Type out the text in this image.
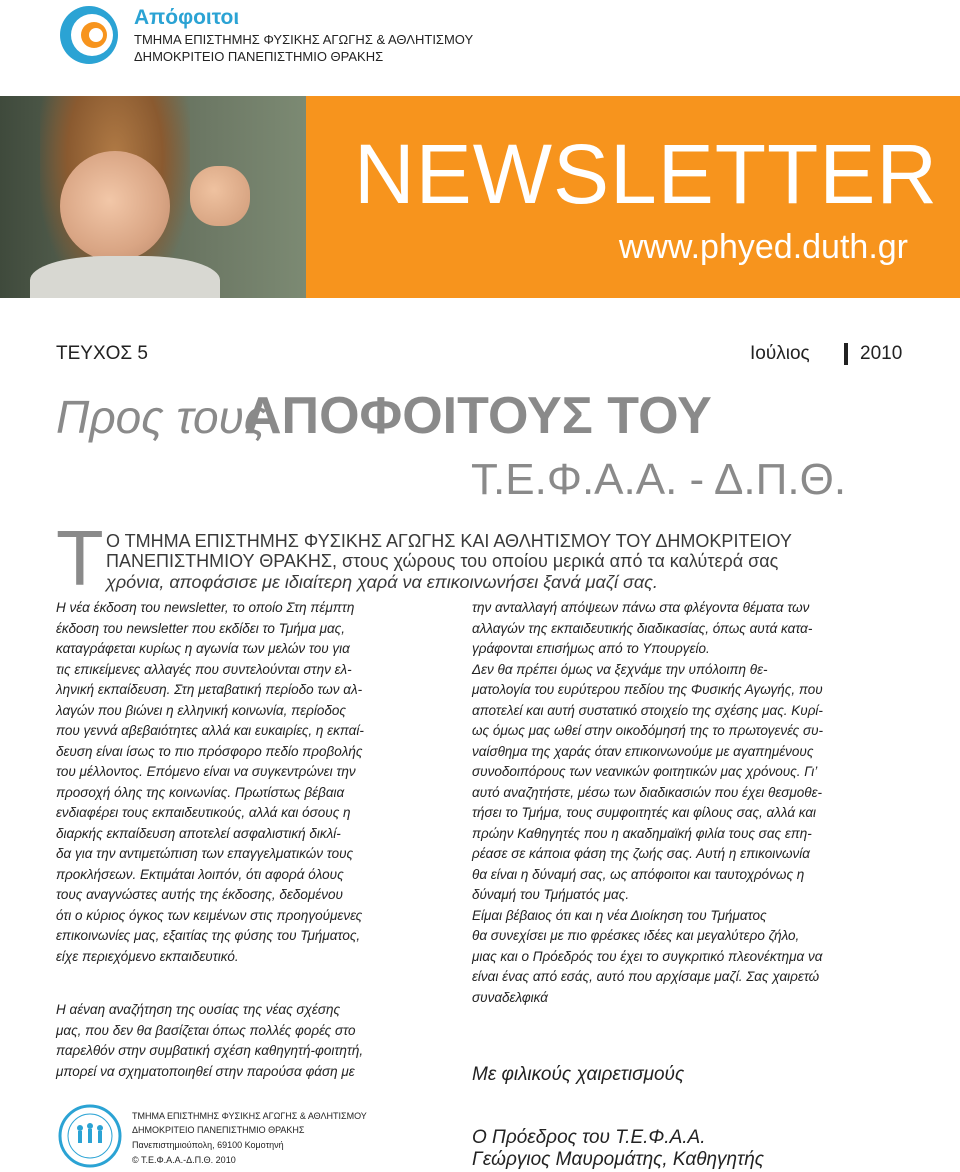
Απόφοιτοι
ΤΜΗΜΑ ΕΠΙΣΤΗΜΗΣ ΦΥΣΙΚΗΣ ΑΓΩΓΗΣ & ΑΘΛΗΤΙΣΜΟΥ
ΔΗΜΟΚΡΙΤΕΙΟ ΠΑΝΕΠΙΣΤΗΜΙΟ ΘΡΑΚΗΣ
NEWSLETTER
www.phyed.duth.gr
ΤΕΥΧΟΣ 5	Ιούλιος	2010
Προς τους
ΑΠΟΦΟΙΤΟΥΣ ΤΟΥ
Τ.Ε.Φ.Α.Α. - Δ.Π.Θ.
Τ Ο ΤΜΗΜΑ ΕΠΙΣΤΗΜΗΣ ΦΥΣΙΚΗΣ ΑΓΩΓΗΣ ΚΑΙ ΑΘΛΗΤΙΣΜΟΥ ΤΟΥ ΔΗΜΟΚΡΙΤΕΙΟΥ
ΠΑΝΕΠΙΣΤΗΜΙΟΥ ΘΡΑΚΗΣ, στους χώρους του οποίου μερικά από τα καλύτερά σας
χρόνια, αποφάσισε με ιδιαίτερη χαρά να επικοινωνήσει ξανά μαζί σας.
Η νέα έκδοση του newsletter, το οποίο Στη πέμπτη
έκδοση του newsletter που εκδίδει το Τμήμα μας,
καταγράφεται κυρίως η αγωνία των μελών του για
τις επικείμενες αλλαγές που συντελούνται στην ελ-
ληνική εκπαίδευση. Στη μεταβατική περίοδο των αλ-
λαγών που βιώνει η ελληνική κοινωνία, περίοδος
που γεννά αβεβαιότητες αλλά και ευκαιρίες, η εκπαί-
δευση είναι ίσως το πιο πρόσφορο πεδίο προβολής
του μέλλοντος. Επόμενο είναι να συγκεντρώνει την
προσοχή όλης της κοινωνίας. Πρωτίστως βέβαια
ενδιαφέρει τους εκπαιδευτικούς, αλλά και όσους η
διαρκής εκπαίδευση αποτελεί ασφαλιστική δικλί-
δα για την αντιμετώπιση των επαγγελματικών τους
προκλήσεων. Εκτιμάται λοιπόν, ότι αφορά όλους
τους αναγνώστες αυτής της έκδοσης, δεδομένου
ότι ο κύριος όγκος των κειμένων στις προηγούμενες
επικοινωνίες μας, εξαιτίας της φύσης του Τμήματος,
είχε περιεχόμενο εκπαιδευτικό.
Η αέναη αναζήτηση της ουσίας της νέας σχέσης
μας, που δεν θα βασίζεται όπως πολλές φορές στο
παρελθόν στην συμβατική σχέση καθηγητή-φοιτητή,
μπορεί να σχηματοποιηθεί στην παρούσα φάση με
την ανταλλαγή απόψεων πάνω στα φλέγοντα θέματα των
αλλαγών της εκπαιδευτικής διαδικασίας, όπως αυτά κατα-
γράφονται επισήμως από το Υπουργείο.
Δεν θα πρέπει όμως να ξεχνάμε την υπόλοιπη θε-
ματολογία του ευρύτερου πεδίου της Φυσικής Αγωγής, που
αποτελεί και αυτή συστατικό στοιχείο της σχέσης μας. Κυρί-
ως όμως μας ωθεί στην οικοδόμησή της το πρωτογενές συ-
ναίσθημα της χαράς όταν επικοινωνούμε με αγαπημένους
συνοδοιπόρους των νεανικών φοιτητικών μας χρόνους. Γι’
αυτό αναζητήστε, μέσω των διαδικασιών που έχει θεσμοθε-
τήσει το Τμήμα, τους συμφοιτητές και φίλους σας, αλλά και
πρώην Καθηγητές που η ακαδημαϊκή φιλία τους σας επη-
ρέασε σε κάποια φάση της ζωής σας. Αυτή η επικοινωνία
θα είναι η δύναμή σας, ως απόφοιτοι και ταυτοχρόνως η
δύναμή του Τμήματός μας.
Είμαι βέβαιος ότι και η νέα Διοίκηση του Τμήματος
θα συνεχίσει με πιο φρέσκες ιδέες και μεγαλύτερο ζήλο,
μιας και ο Πρόεδρός του έχει το συγκριτικό πλεονέκτημα να
είναι ένας από εσάς, αυτό που αρχίσαμε μαζί. Σας χαιρετώ
συναδελφικά
Με φιλικούς χαιρετισμούς
Ο Πρόεδρος του Τ.Ε.Φ.Α.Α.
Γεώργιος Μαυρομάτης, Καθηγητής
ΤΜΗΜΑ ΕΠΙΣΤΗΜΗΣ ΦΥΣΙΚΗΣ ΑΓΩΓΗΣ & ΑΘΛΗΤΙΣΜΟΥ
ΔΗΜΟΚΡΙΤΕΙΟ ΠΑΝΕΠΙΣΤΗΜΙΟ ΘΡΑΚΗΣ
Πανεπιστημιούπολη, 69100 Κομοτηνή
© Τ.Ε.Φ.Α.Α.-Δ.Π.Θ. 2010
